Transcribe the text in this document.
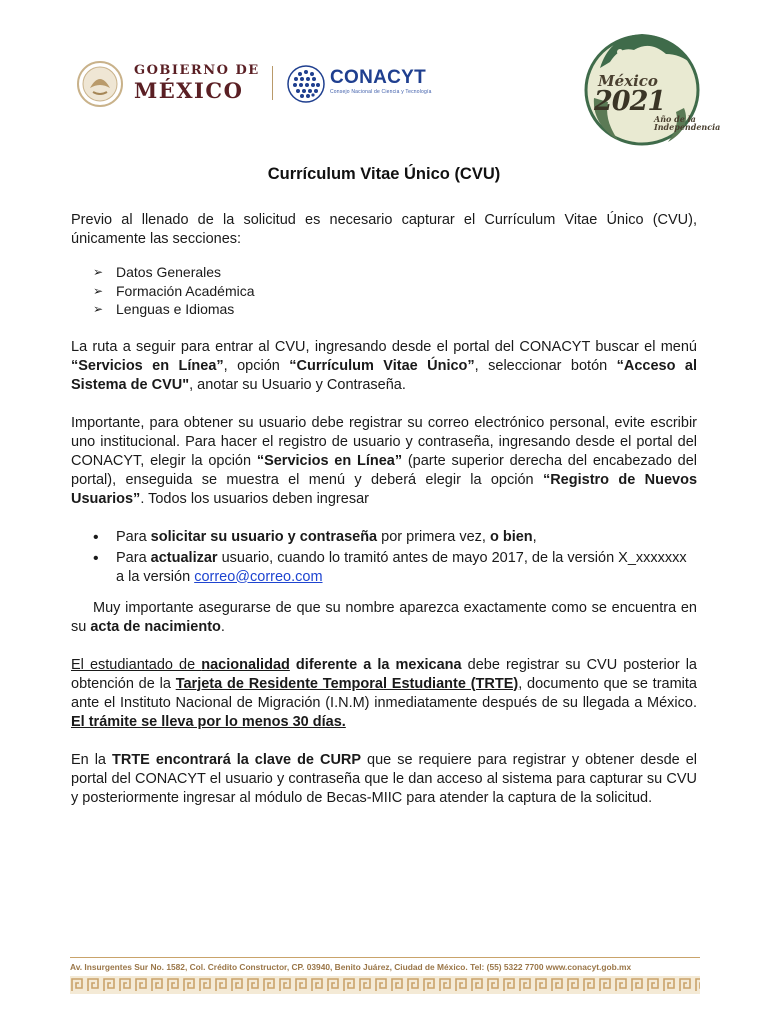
GOBIERNO DE
MÉXICO
CONACYT
Consejo Nacional de Ciencia y Tecnología
México
2021
Año de la
Independencia
Currículum Vitae Único (CVU)

Previo al llenado de la solicitud es necesario capturar el Currículum Vitae Único (CVU), únicamente las secciones:

➢ Datos Generales
➢ Formación Académica
➢ Lenguas e Idiomas

La ruta a seguir para entrar al CVU, ingresando desde el portal del CONACYT buscar el menú “Servicios en Línea”, opción “Currículum Vitae Único”, seleccionar botón “Acceso al Sistema de CVU", anotar su Usuario y Contraseña.

Importante, para obtener su usuario debe registrar su correo electrónico personal, evite escribir uno institucional. Para hacer el registro de usuario y contraseña, ingresando desde el portal del CONACYT, elegir la opción “Servicios en Línea” (parte superior derecha del encabezado del portal), enseguida se muestra el menú y deberá elegir la opción “Registro de Nuevos Usuarios”. Todos los usuarios deben ingresar

• Para solicitar su usuario y contraseña por primera vez, o bien,
• Para actualizar usuario, cuando lo tramitó antes de mayo 2017, de la versión X_xxxxxxx a la versión correo@correo.com

Muy importante asegurarse de que su nombre aparezca exactamente como se encuentra en su acta de nacimiento.

El estudiantado de nacionalidad diferente a la mexicana debe registrar su CVU posterior la obtención de la Tarjeta de Residente Temporal Estudiante (TRTE), documento que se tramita ante el Instituto Nacional de Migración (I.N.M) inmediatamente después de su llegada a México. El trámite se lleva por lo menos 30 días.

En la TRTE encontrará la clave de CURP que se requiere para registrar y obtener desde el portal del CONACYT el usuario y contraseña que le dan acceso al sistema para capturar su CVU y posteriormente ingresar al módulo de Becas-MIIC para atender la captura de la solicitud.

Av. Insurgentes Sur No. 1582, Col. Crédito Constructor, CP. 03940, Benito Juárez, Ciudad de México. Tel: (55) 5322 7700 www.conacyt.gob.mx
